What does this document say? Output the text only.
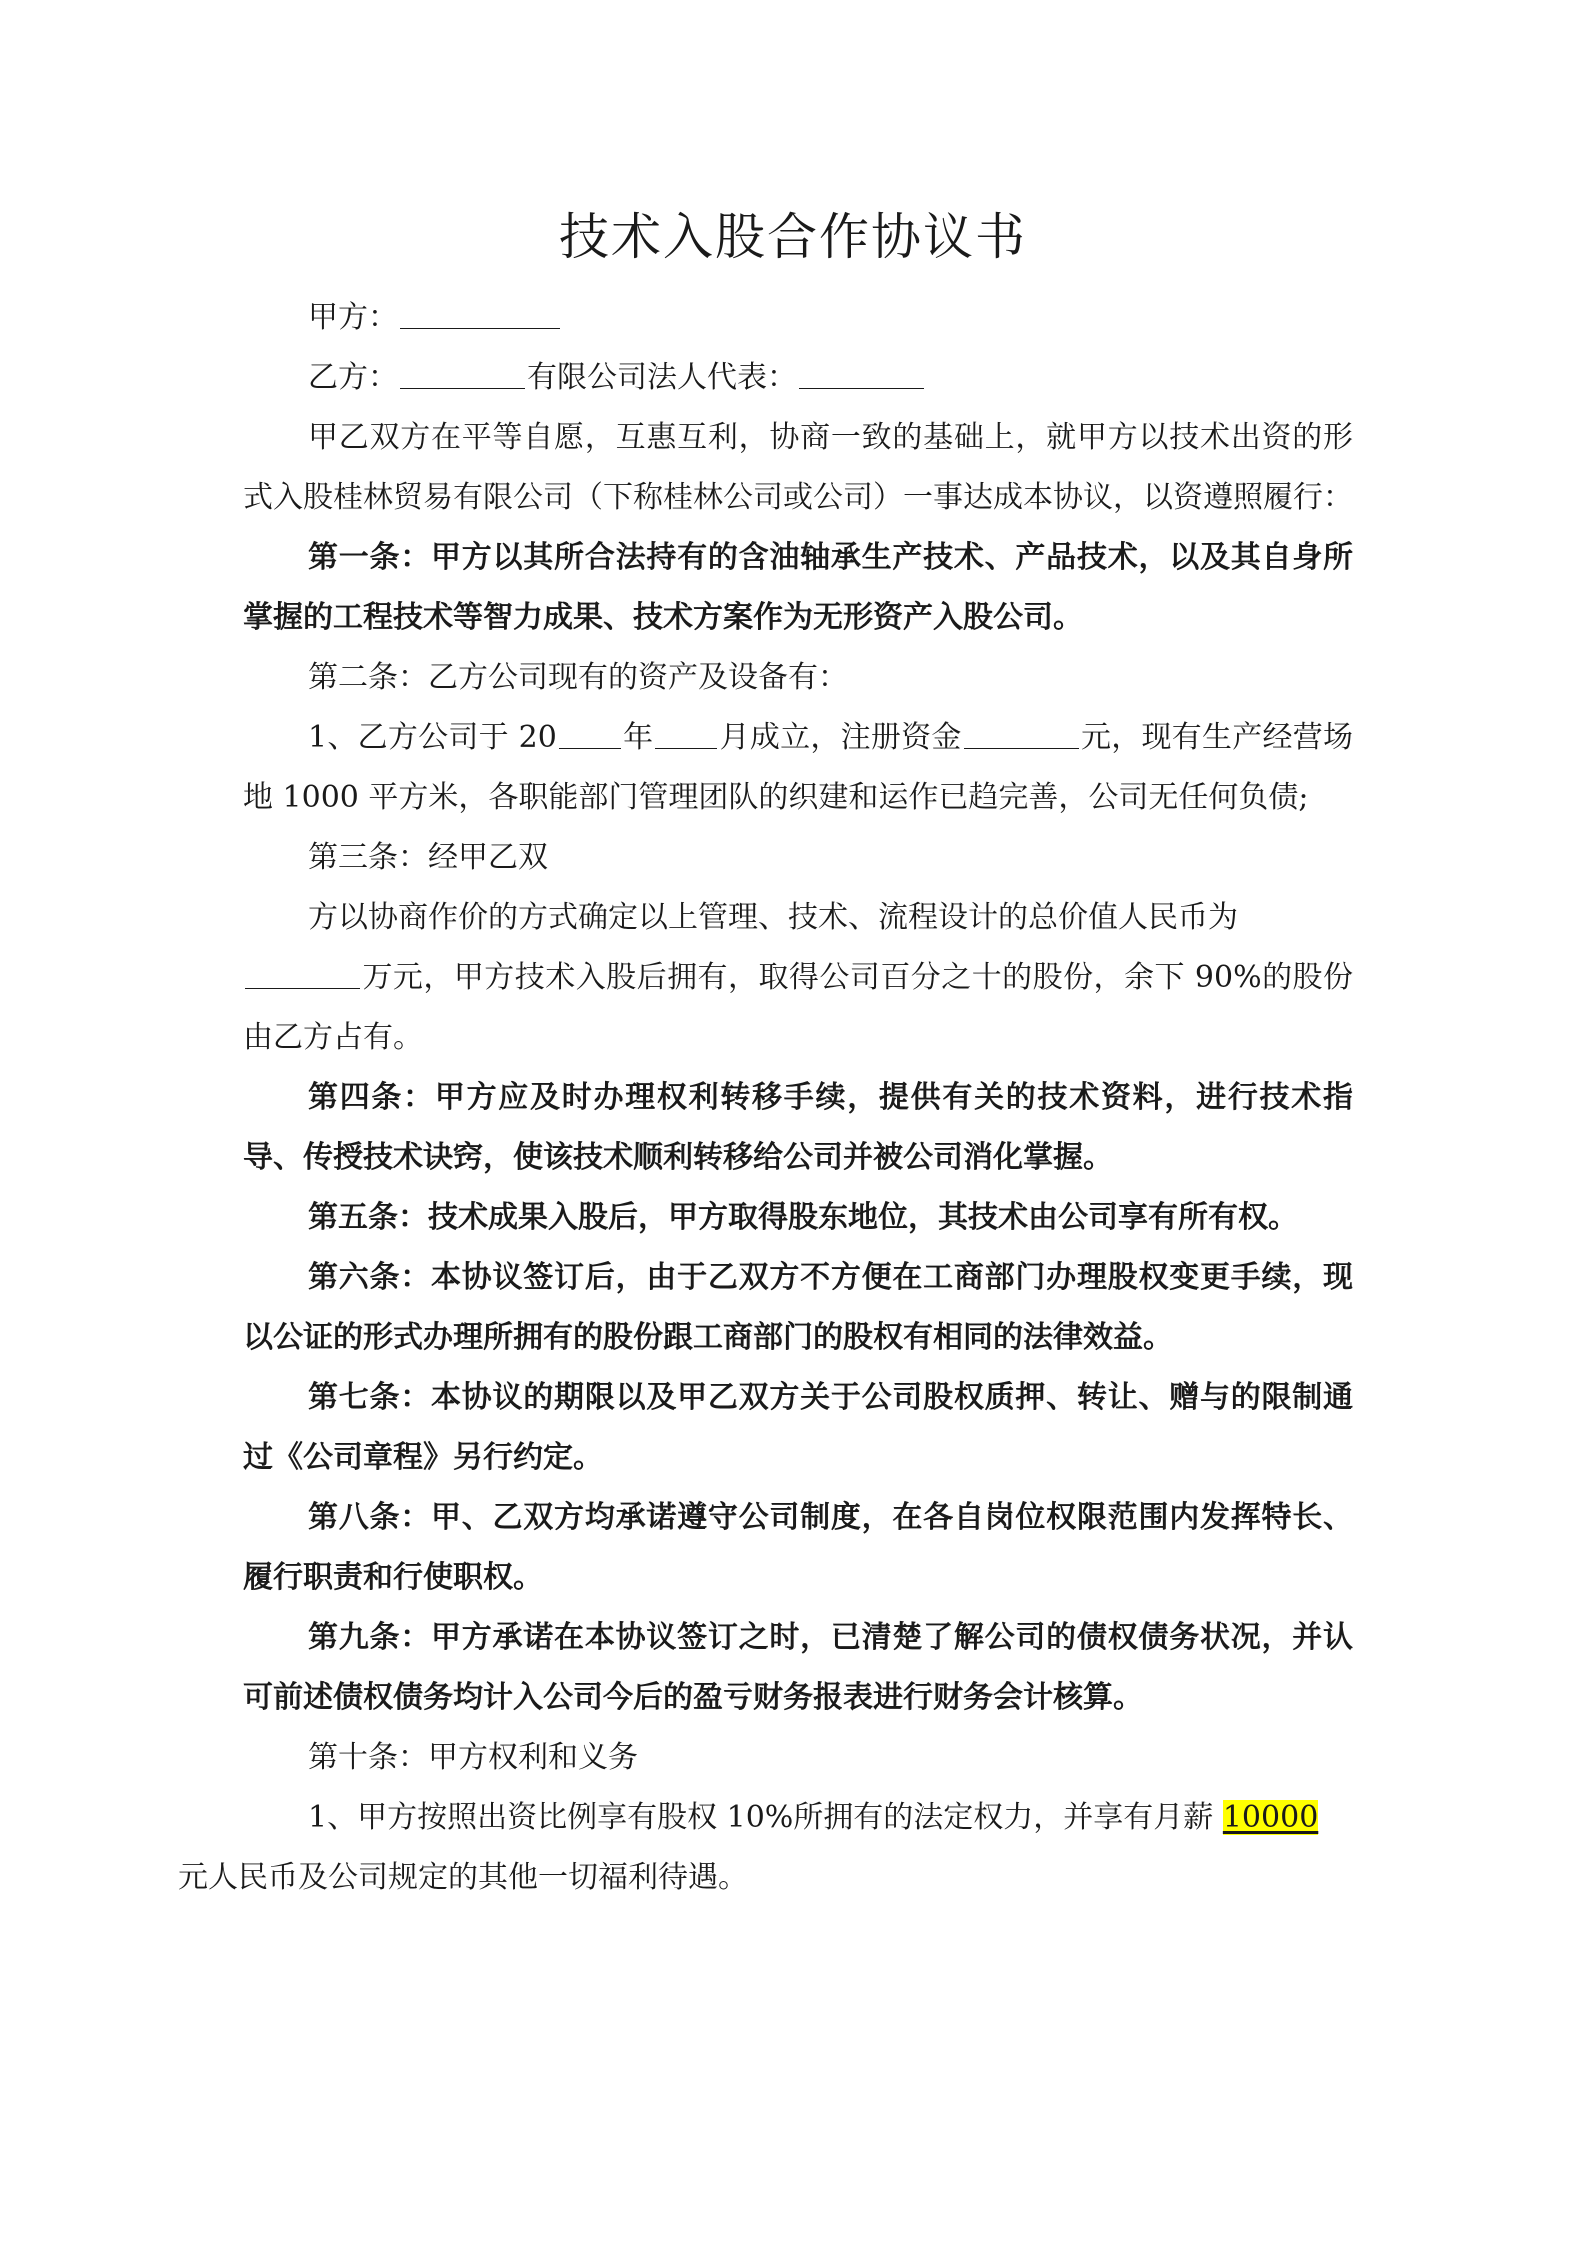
技术入股合作协议书

甲方：

乙方：	有限公司法人代表：

甲乙双方在平等自愿，互惠互利，协商一致的基础上，就甲方以技术出资的形式入股桂林贸易有限公司（下称桂林公司或公司）一事达成本协议，以资遵照履行：

第一条：甲方以其所合法持有的含油轴承生产技术、产品技术，以及其自身所掌握的工程技术等智力成果、技术方案作为无形资产入股公司。

第二条：乙方公司现有的资产及设备有：

1、乙方公司于 20 年 月成立，注册资金	元，现有生产经营场地 1000 平方米，各职能部门管理团队的织建和运作已趋完善，公司无任何负债;

第三条：经甲乙双

方以协商作价的方式确定以上管理、技术、流程设计的总价值人民币为
万元，甲方技术入股后拥有，取得公司百分之十的股份，余下 90%的股份由乙方占有。

第四条：甲方应及时办理权利转移手续，提供有关的技术资料，进行技术指导、传授技术诀窍，使该技术顺利转移给公司并被公司消化掌握。

第五条：技术成果入股后，甲方取得股东地位，其技术由公司享有所有权。

第六条：本协议签订后，由于乙双方不方便在工商部门办理股权变更手续，现以公证的形式办理所拥有的股份跟工商部门的股权有相同的法律效益。

第七条：本协议的期限以及甲乙双方关于公司股权质押、转让、赠与的限制通过《公司章程》另行约定。

第八条：甲、乙双方均承诺遵守公司制度，在各自岗位权限范围内发挥特长、履行职责和行使职权。

第九条：甲方承诺在本协议签订之时，已清楚了解公司的债权债务状况，并认可前述债权债务均计入公司今后的盈亏财务报表进行财务会计核算。

第十条：甲方权利和义务

1、甲方按照出资比例享有股权 10%所拥有的法定权力，并享有月薪 10000
元人民币及公司规定的其他一切福利待遇。
